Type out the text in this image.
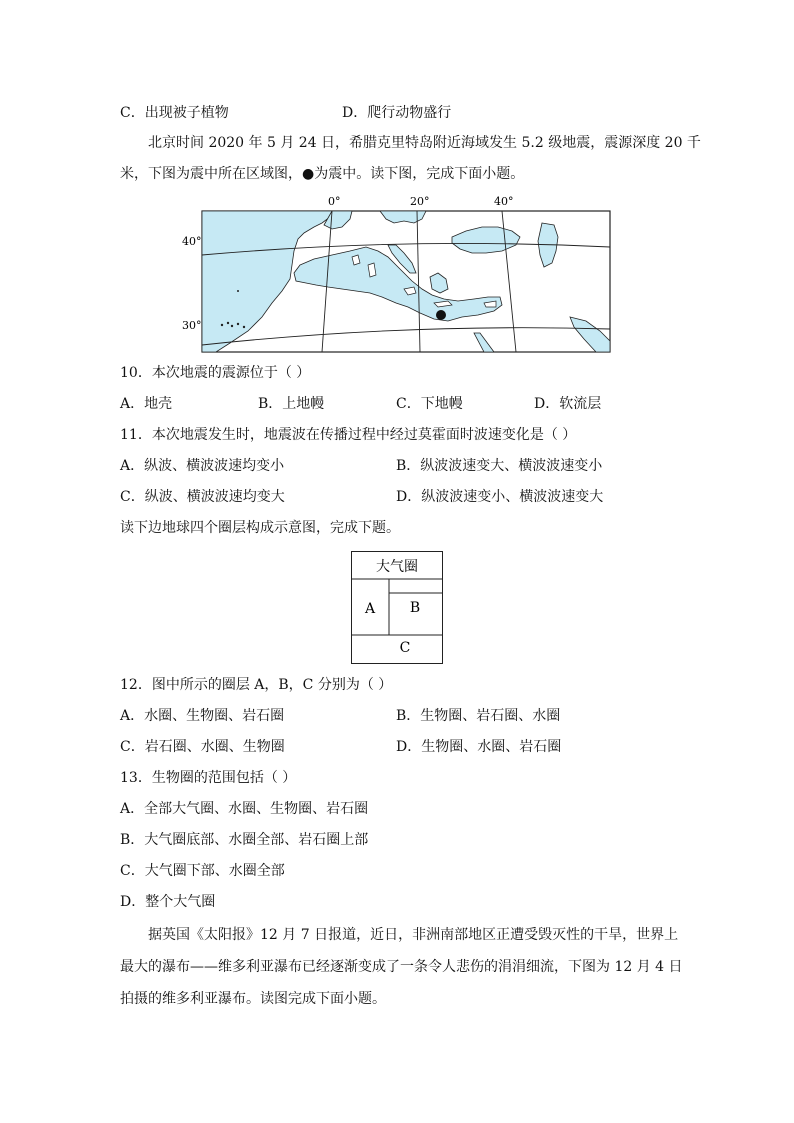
C．出现被子植物	D．爬行动物盛行
北京时间 2020 年 5 月 24 日，希腊克里特岛附近海域发生 5.2 级地震，震源深度 20 千
米，下图为震中所在区域图，●为震中。读下图，完成下面小题。
0°	20°	40°
40°
30°
10．本次地震的震源位于（ ）
A．地壳	B．上地幔	C．下地幔	D．软流层
11．本次地震发生时，地震波在传播过程中经过莫霍面时波速变化是（ ）
A．纵波、横波波速均变小	B．纵波波速变大、横波波速变小
C．纵波、横波波速均变大	D．纵波波速变小、横波波速变大
读下边地球四个圈层构成示意图，完成下题。
大气圈
A B
C
12．图中所示的圈层 A，B，C 分别为（ ）
A．水圈、生物圈、岩石圈	B．生物圈、岩石圈、水圈
C．岩石圈、水圈、生物圈	D．生物圈、水圈、岩石圈
13．生物圈的范围包括（ ）
A．全部大气圈、水圈、生物圈、岩石圈
B．大气圈底部、水圈全部、岩石圈上部
C．大气圈下部、水圈全部
D．整个大气圈
据英国《太阳报》12 月 7 日报道，近日，非洲南部地区正遭受毁灭性的干旱，世界上
最大的瀑布——维多利亚瀑布已经逐渐变成了一条令人悲伤的涓涓细流，下图为 12 月 4 日
拍摄的维多利亚瀑布。读图完成下面小题。
